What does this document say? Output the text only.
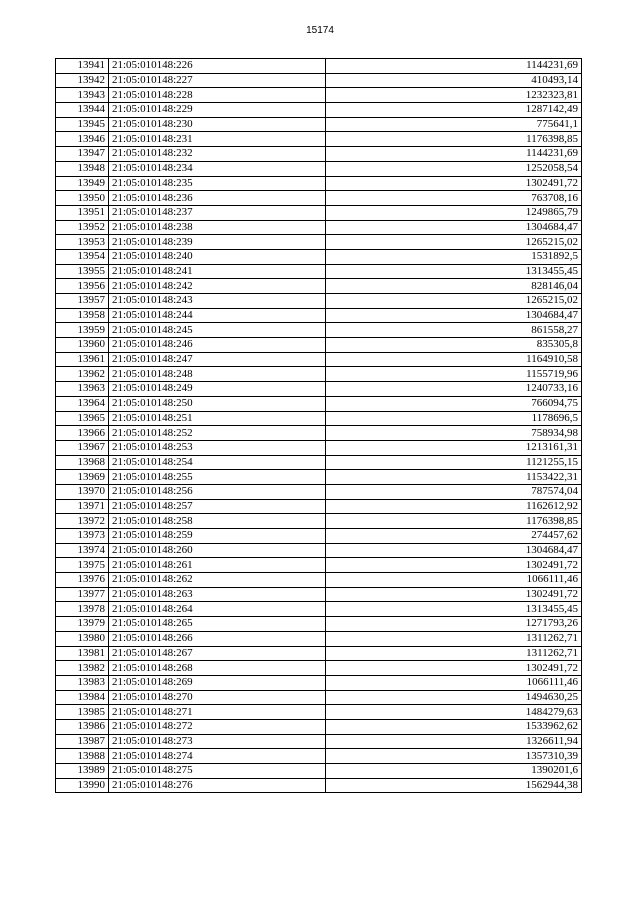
15174
13941	21:05:010148:226	1144231,69
13942	21:05:010148:227	410493,14
13943	21:05:010148:228	1232323,81
13944	21:05:010148:229	1287142,49
13945	21:05:010148:230	775641,1
13946	21:05:010148:231	1176398,85
13947	21:05:010148:232	1144231,69
13948	21:05:010148:234	1252058,54
13949	21:05:010148:235	1302491,72
13950	21:05:010148:236	763708,16
13951	21:05:010148:237	1249865,79
13952	21:05:010148:238	1304684,47
13953	21:05:010148:239	1265215,02
13954	21:05:010148:240	1531892,5
13955	21:05:010148:241	1313455,45
13956	21:05:010148:242	828146,04
13957	21:05:010148:243	1265215,02
13958	21:05:010148:244	1304684,47
13959	21:05:010148:245	861558,27
13960	21:05:010148:246	835305,8
13961	21:05:010148:247	1164910,58
13962	21:05:010148:248	1155719,96
13963	21:05:010148:249	1240733,16
13964	21:05:010148:250	766094,75
13965	21:05:010148:251	1178696,5
13966	21:05:010148:252	758934,98
13967	21:05:010148:253	1213161,31
13968	21:05:010148:254	1121255,15
13969	21:05:010148:255	1153422,31
13970	21:05:010148:256	787574,04
13971	21:05:010148:257	1162612,92
13972	21:05:010148:258	1176398,85
13973	21:05:010148:259	274457,62
13974	21:05:010148:260	1304684,47
13975	21:05:010148:261	1302491,72
13976	21:05:010148:262	1066111,46
13977	21:05:010148:263	1302491,72
13978	21:05:010148:264	1313455,45
13979	21:05:010148:265	1271793,26
13980	21:05:010148:266	1311262,71
13981	21:05:010148:267	1311262,71
13982	21:05:010148:268	1302491,72
13983	21:05:010148:269	1066111,46
13984	21:05:010148:270	1494630,25
13985	21:05:010148:271	1484279,63
13986	21:05:010148:272	1533962,62
13987	21:05:010148:273	1326611,94
13988	21:05:010148:274	1357310,39
13989	21:05:010148:275	1390201,6
13990	21:05:010148:276	1562944,38
